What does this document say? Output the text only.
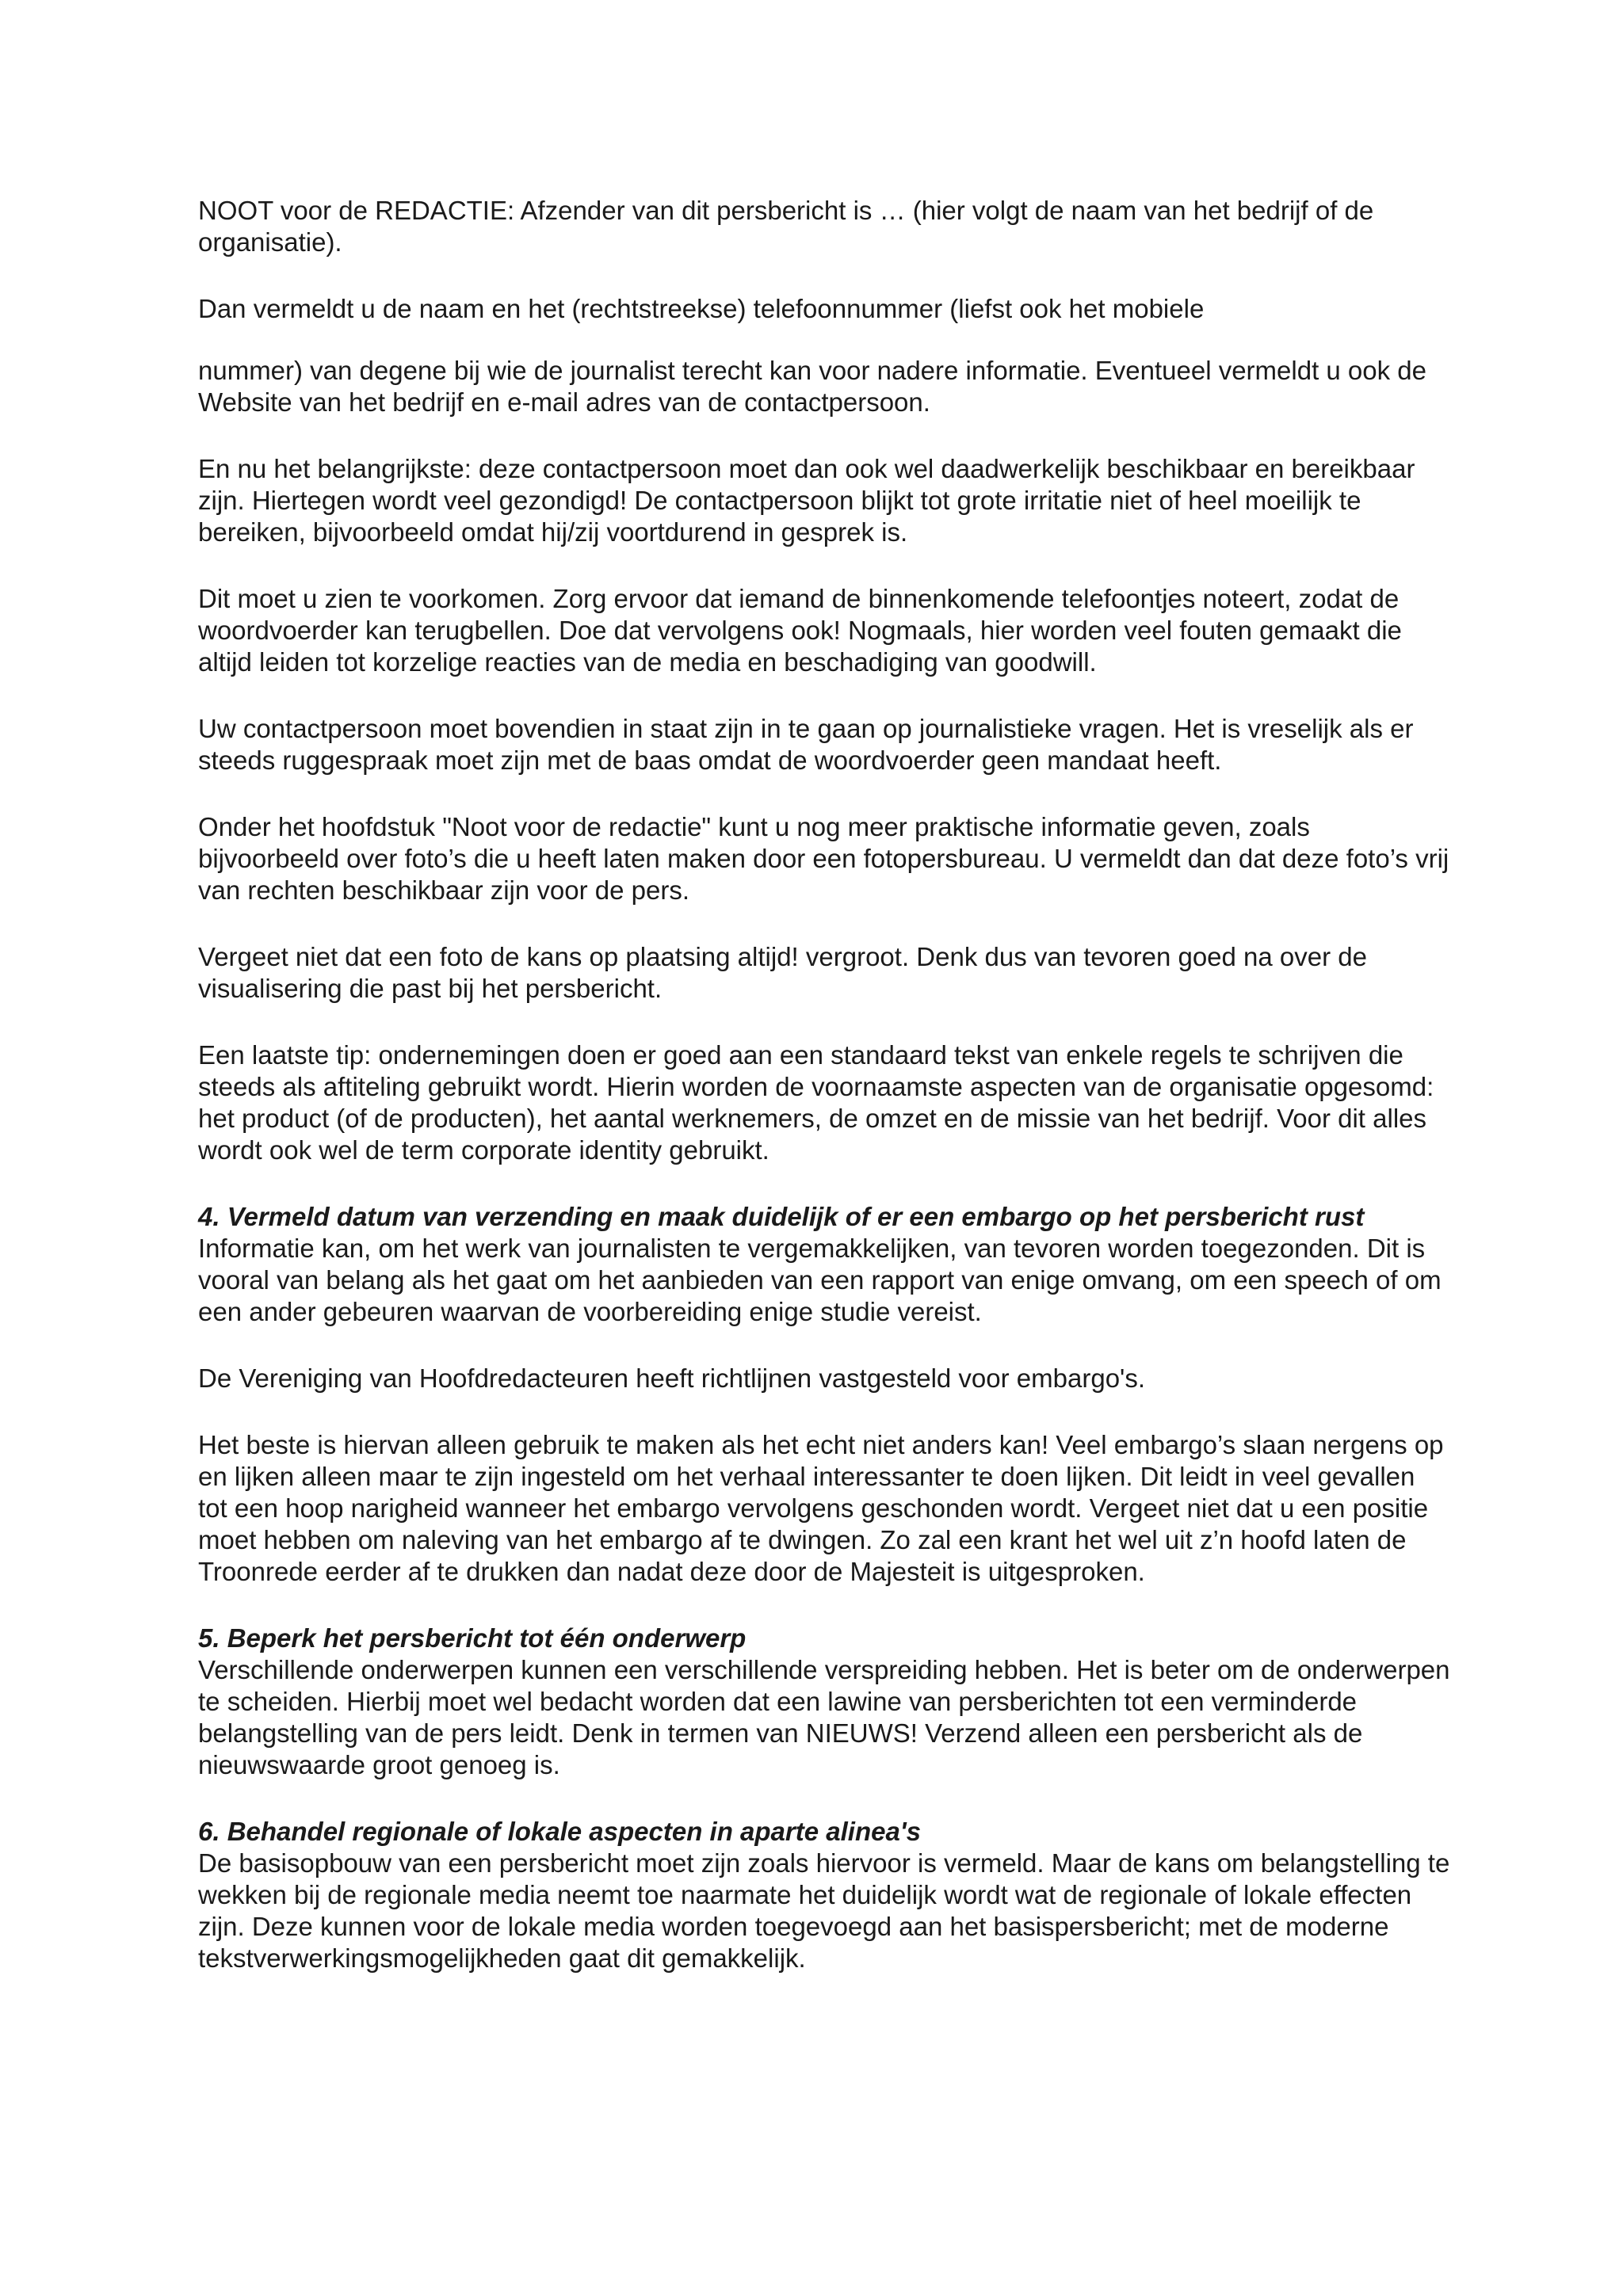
NOOT voor de REDACTIE: Afzender van dit persbericht is … (hier volgt de naam van het bedrijf of de organisatie).

Dan vermeldt u de naam en het (rechtstreekse) telefoonnummer (liefst ook het mobiele

nummer) van degene bij wie de journalist terecht kan voor nadere informatie. Eventueel vermeldt u ook de Website van het bedrijf en e-mail adres van de contactpersoon.

En nu het belangrijkste: deze contactpersoon moet dan ook wel daadwerkelijk beschikbaar en bereikbaar zijn. Hiertegen wordt veel gezondigd! De contactpersoon blijkt tot grote irritatie niet of heel moeilijk te bereiken, bijvoorbeeld omdat hij/zij voortdurend in gesprek is.

Dit moet u zien te voorkomen. Zorg ervoor dat iemand de binnenkomende telefoontjes noteert, zodat de woordvoerder kan terugbellen. Doe dat vervolgens ook! Nogmaals, hier worden veel fouten gemaakt die altijd leiden tot korzelige reacties van de media en beschadiging van goodwill.

Uw contactpersoon moet bovendien in staat zijn in te gaan op journalistieke vragen. Het is vreselijk als er steeds ruggespraak moet zijn met de baas omdat de woordvoerder geen mandaat heeft.

Onder het hoofdstuk "Noot voor de redactie" kunt u nog meer praktische informatie geven, zoals bijvoorbeeld over foto’s die u heeft laten maken door een fotopersbureau. U vermeldt dan dat deze foto’s vrij van rechten beschikbaar zijn voor de pers.

Vergeet niet dat een foto de kans op plaatsing altijd! vergroot. Denk dus van tevoren goed na over de visualisering die past bij het persbericht.

Een laatste tip: ondernemingen doen er goed aan een standaard tekst van enkele regels te schrijven die steeds als aftiteling gebruikt wordt. Hierin worden de voornaamste aspecten van de organisatie opgesomd: het product (of de producten), het aantal werknemers, de omzet en de missie van het bedrijf. Voor dit alles wordt ook wel de term corporate identity gebruikt.

4. Vermeld datum van verzending en maak duidelijk of er een embargo op het persbericht rust

Informatie kan, om het werk van journalisten te vergemakkelijken, van tevoren worden toegezonden. Dit is vooral van belang als het gaat om het aanbieden van een rapport van enige omvang, om een speech of om een ander gebeuren waarvan de voorbereiding enige studie vereist.

De Vereniging van Hoofdredacteuren heeft richtlijnen vastgesteld voor embargo's.

Het beste is hiervan alleen gebruik te maken als het echt niet anders kan! Veel embargo’s slaan nergens op en lijken alleen maar te zijn ingesteld om het verhaal interessanter te doen lijken. Dit leidt in veel gevallen tot een hoop narigheid wanneer het embargo vervolgens geschonden wordt. Vergeet niet dat u een positie moet hebben om naleving van het embargo af te dwingen. Zo zal een krant het wel uit z’n hoofd laten de Troonrede eerder af te drukken dan nadat deze door de Majesteit is uitgesproken.

5. Beperk het persbericht tot één onderwerp

Verschillende onderwerpen kunnen een verschillende verspreiding hebben. Het is beter om de onderwerpen te scheiden. Hierbij moet wel bedacht worden dat een lawine van persberichten tot een verminderde belangstelling van de pers leidt. Denk in termen van NIEUWS! Verzend alleen een persbericht als de nieuwswaarde groot genoeg is.

6. Behandel regionale of lokale aspecten in aparte alinea's

De basisopbouw van een persbericht moet zijn zoals hiervoor is vermeld. Maar de kans om belangstelling te wekken bij de regionale media neemt toe naarmate het duidelijk wordt wat de regionale of lokale effecten zijn. Deze kunnen voor de lokale media worden toegevoegd aan het basispersbericht; met de moderne tekstverwerkingsmogelijkheden gaat dit gemakkelijk.
